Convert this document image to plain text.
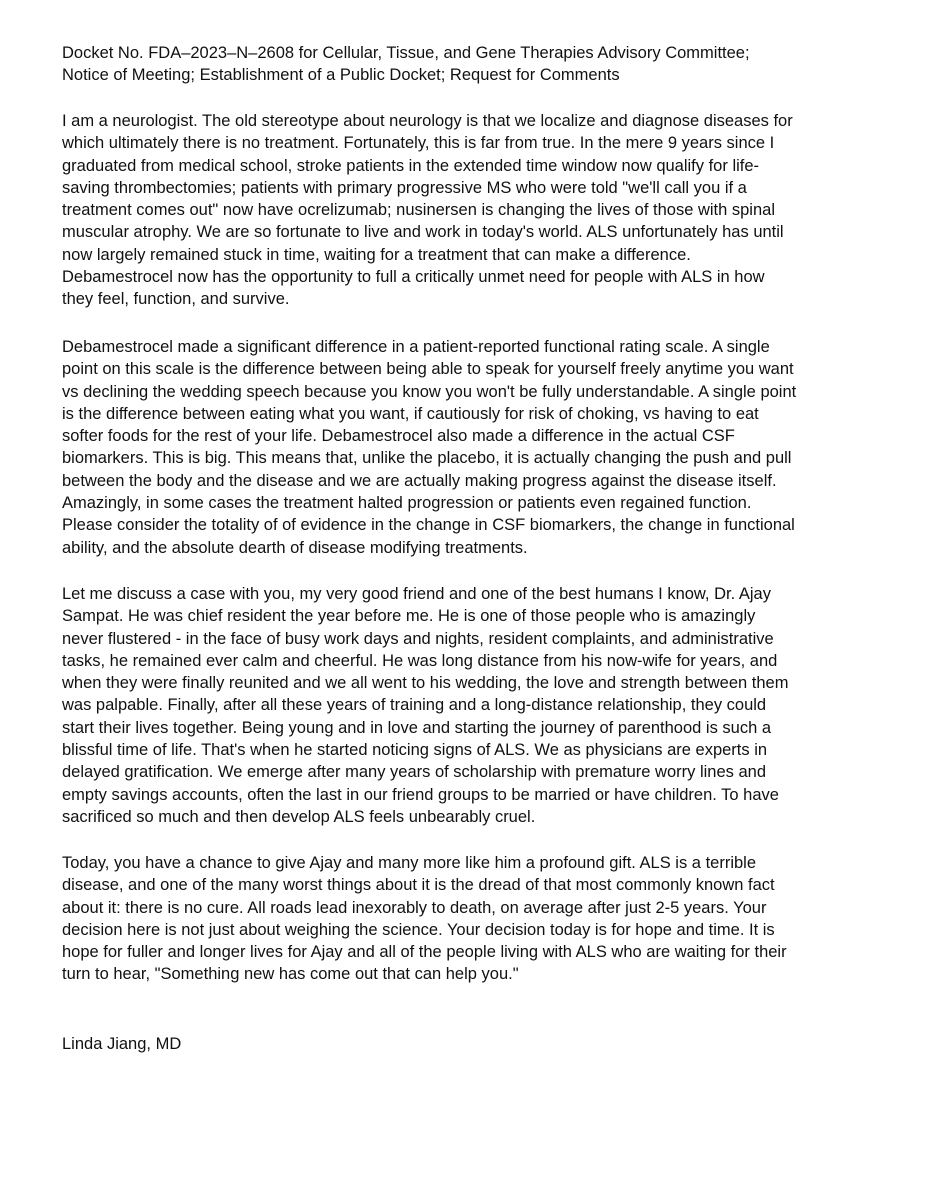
Docket No. FDA–2023–N–2608 for Cellular, Tissue, and Gene Therapies Advisory Committee;
Notice of Meeting; Establishment of a Public Docket; Request for Comments

I am a neurologist. The old stereotype about neurology is that we localize and diagnose diseases for
which ultimately there is no treatment. Fortunately, this is far from true. In the mere 9 years since I
graduated from medical school, stroke patients in the extended time window now qualify for life-
saving thrombectomies; patients with primary progressive MS who were told "we'll call you if a
treatment comes out" now have ocrelizumab; nusinersen is changing the lives of those with spinal
muscular atrophy. We are so fortunate to live and work in today's world. ALS unfortunately has until
now largely remained stuck in time, waiting for a treatment that can make a difference.
Debamestrocel now has the opportunity to full a critically unmet need for people with ALS in how
they feel, function, and survive.

Debamestrocel made a significant difference in a patient-reported functional rating scale. A single
point on this scale is the difference between being able to speak for yourself freely anytime you want
vs declining the wedding speech because you know you won't be fully understandable. A single point
is the difference between eating what you want, if cautiously for risk of choking, vs having to eat
softer foods for the rest of your life. Debamestrocel also made a difference in the actual CSF
biomarkers. This is big. This means that, unlike the placebo, it is actually changing the push and pull
between the body and the disease and we are actually making progress against the disease itself.
Amazingly, in some cases the treatment halted progression or patients even regained function.
Please consider the totality of of evidence in the change in CSF biomarkers, the change in functional
ability, and the absolute dearth of disease modifying treatments.

Let me discuss a case with you, my very good friend and one of the best humans I know, Dr. Ajay
Sampat. He was chief resident the year before me. He is one of those people who is amazingly
never flustered - in the face of busy work days and nights, resident complaints, and administrative
tasks, he remained ever calm and cheerful. He was long distance from his now-wife for years, and
when they were finally reunited and we all went to his wedding, the love and strength between them
was palpable. Finally, after all these years of training and a long-distance relationship, they could
start their lives together. Being young and in love and starting the journey of parenthood is such a
blissful time of life. That's when he started noticing signs of ALS. We as physicians are experts in
delayed gratification. We emerge after many years of scholarship with premature worry lines and
empty savings accounts, often the last in our friend groups to be married or have children. To have
sacrificed so much and then develop ALS feels unbearably cruel.

Today, you have a chance to give Ajay and many more like him a profound gift. ALS is a terrible
disease, and one of the many worst things about it is the dread of that most commonly known fact
about it: there is no cure. All roads lead inexorably to death, on average after just 2-5 years. Your
decision here is not just about weighing the science. Your decision today is for hope and time. It is
hope for fuller and longer lives for Ajay and all of the people living with ALS who are waiting for their
turn to hear, "Something new has come out that can help you."

Linda Jiang, MD
